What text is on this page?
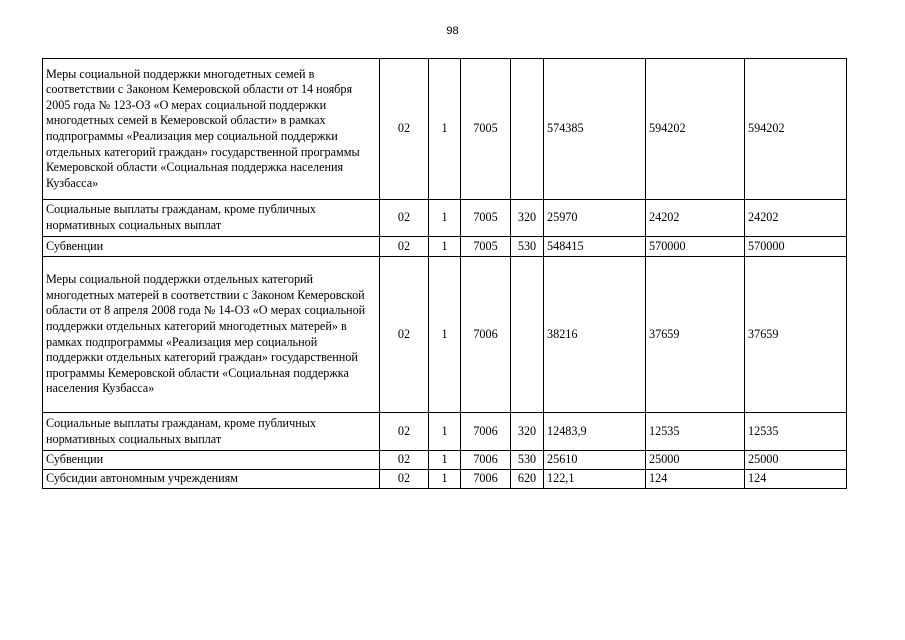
98
Меры социальной поддержки многодетных семей в соответствии с Законом Кемеровской области от 14 ноября 2005 года № 123-ОЗ «О мерах социальной поддержки многодетных семей в Кемеровской области» в рамках подпрограммы «Реализация мер социальной поддержки отдельных категорий граждан» государственной программы Кемеровской области «Социальная поддержка населения Кузбасса»	02	1	7005		574385	594202	594202
Социальные выплаты гражданам, кроме публичных нормативных социальных выплат	02	1	7005	320	25970	24202	24202
Субвенции	02	1	7005	530	548415	570000	570000
Меры социальной поддержки отдельных категорий многодетных матерей в соответствии с Законом Кемеровской области от 8 апреля 2008 года № 14-ОЗ «О мерах социальной поддержки отдельных категорий многодетных матерей» в рамках подпрограммы «Реализация мер социальной поддержки отдельных категорий граждан» государственной программы Кемеровской области «Социальная поддержка населения Кузбасса»	02	1	7006		38216	37659	37659
Социальные выплаты гражданам, кроме публичных нормативных социальных выплат	02	1	7006	320	12483,9	12535	12535
Субвенции	02	1	7006	530	25610	25000	25000
Субсидии автономным учреждениям	02	1	7006	620	122,1	124	124
